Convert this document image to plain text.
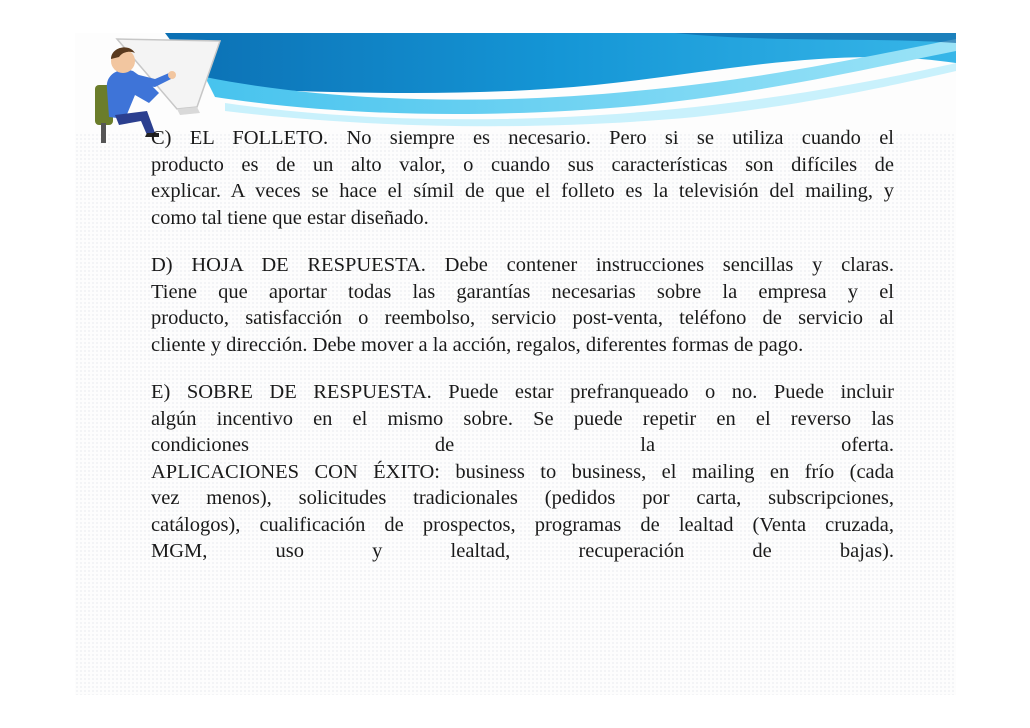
C) EL FOLLETO. No siempre es necesario. Pero si se utiliza cuando el
producto es de un alto valor, o cuando sus características son difíciles de
explicar. A veces se hace el símil de que el folleto es la televisión del mailing, y
como tal tiene que estar diseñado.
D) HOJA DE RESPUESTA. Debe contener instrucciones sencillas y claras.
Tiene que aportar todas las garantías necesarias sobre la empresa y el
producto, satisfacción o reembolso, servicio post-venta, teléfono de servicio al
cliente y dirección. Debe mover a la acción, regalos, diferentes formas de pago.
E) SOBRE DE RESPUESTA. Puede estar prefranqueado o no. Puede incluir
algún incentivo en el mismo sobre. Se puede repetir en el reverso las
condiciones de la oferta.
APLICACIONES CON ÉXITO: business to business, el mailing en frío (cada
vez menos), solicitudes tradicionales (pedidos por carta, subscripciones,
catálogos), cualificación de prospectos, programas de lealtad (Venta cruzada,
MGM, uso y lealtad, recuperación de bajas).
